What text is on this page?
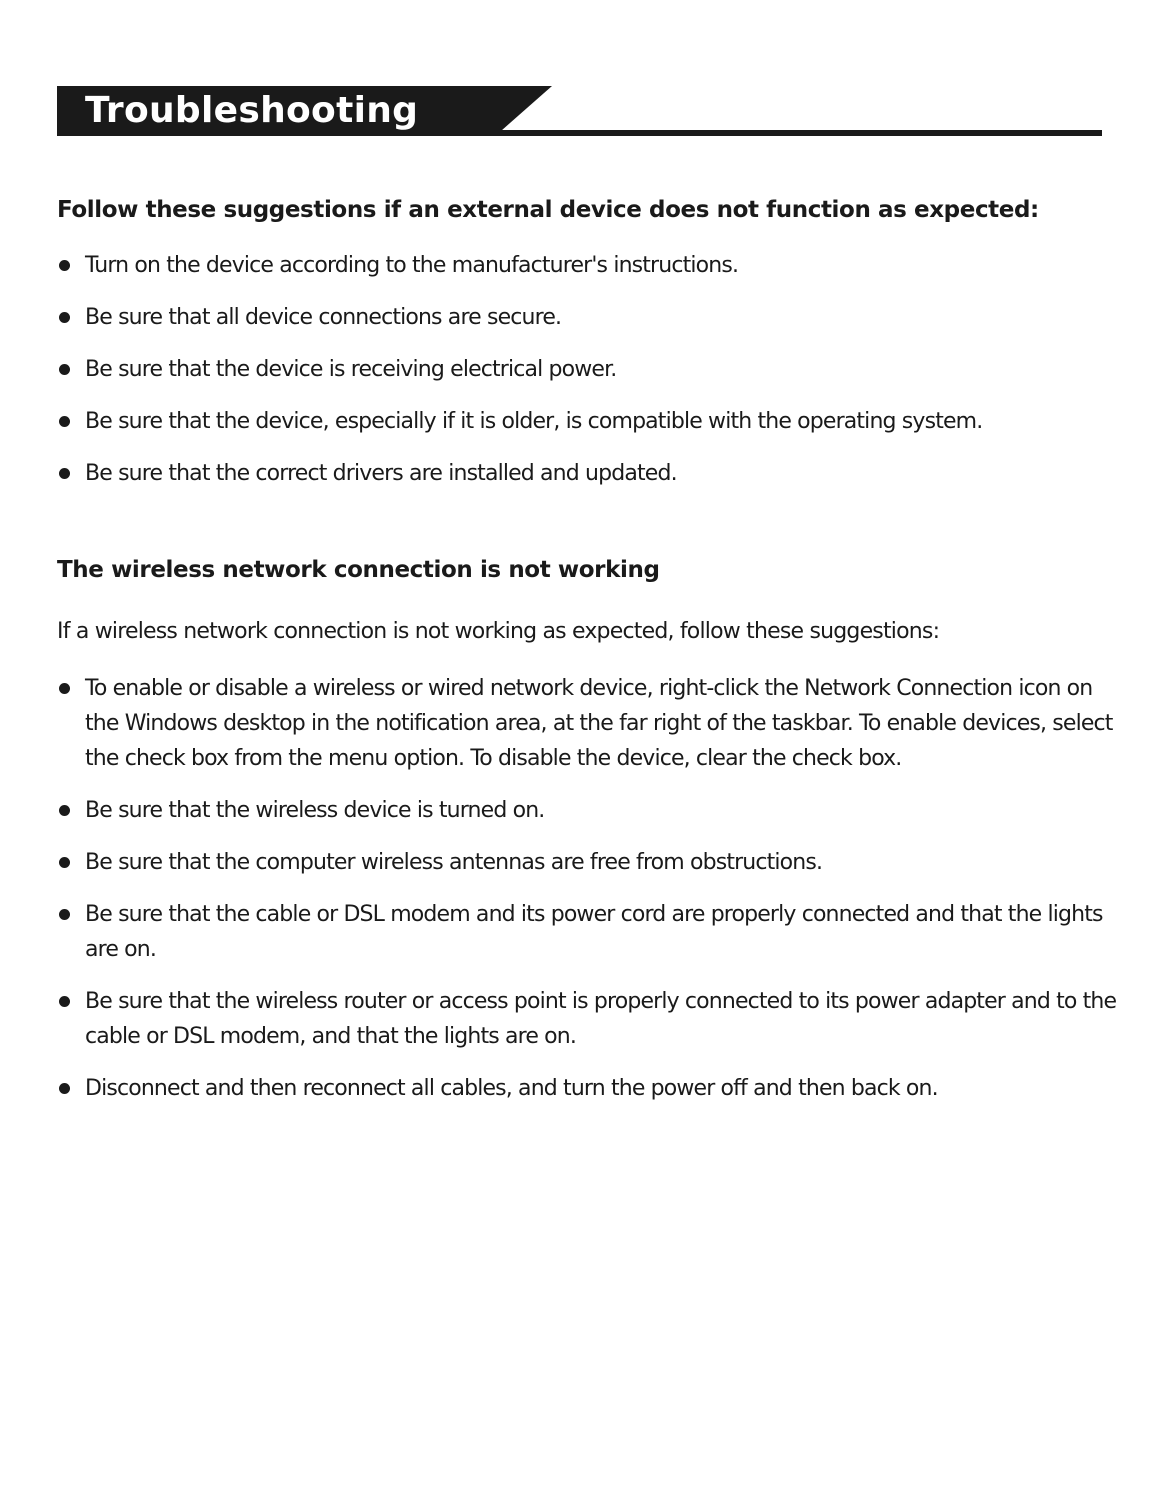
Troubleshooting
Follow these suggestions if an external device does not function as expected:
Turn on the device according to the manufacturer's instructions.
Be sure that all device connections are secure.
Be sure that the device is receiving electrical power.
Be sure that the device, especially if it is older, is compatible with the operating system.
Be sure that the correct drivers are installed and updated.
The wireless network connection is not working

If a wireless network connection is not working as expected, follow these suggestions:

To enable or disable a wireless or wired network device, right-click the Network Connection icon on the Windows desktop in the notification area, at the far right of the taskbar. To enable devices, select the check box from the menu option. To disable the device, clear the check box.
Be sure that the wireless device is turned on.
Be sure that the computer wireless antennas are free from obstructions.
Be sure that the cable or DSL modem and its power cord are properly connected and that the lights are on.
Be sure that the wireless router or access point is properly connected to its power adapter and to the cable or DSL modem, and that the lights are on.
Disconnect and then reconnect all cables, and turn the power off and then back on.
